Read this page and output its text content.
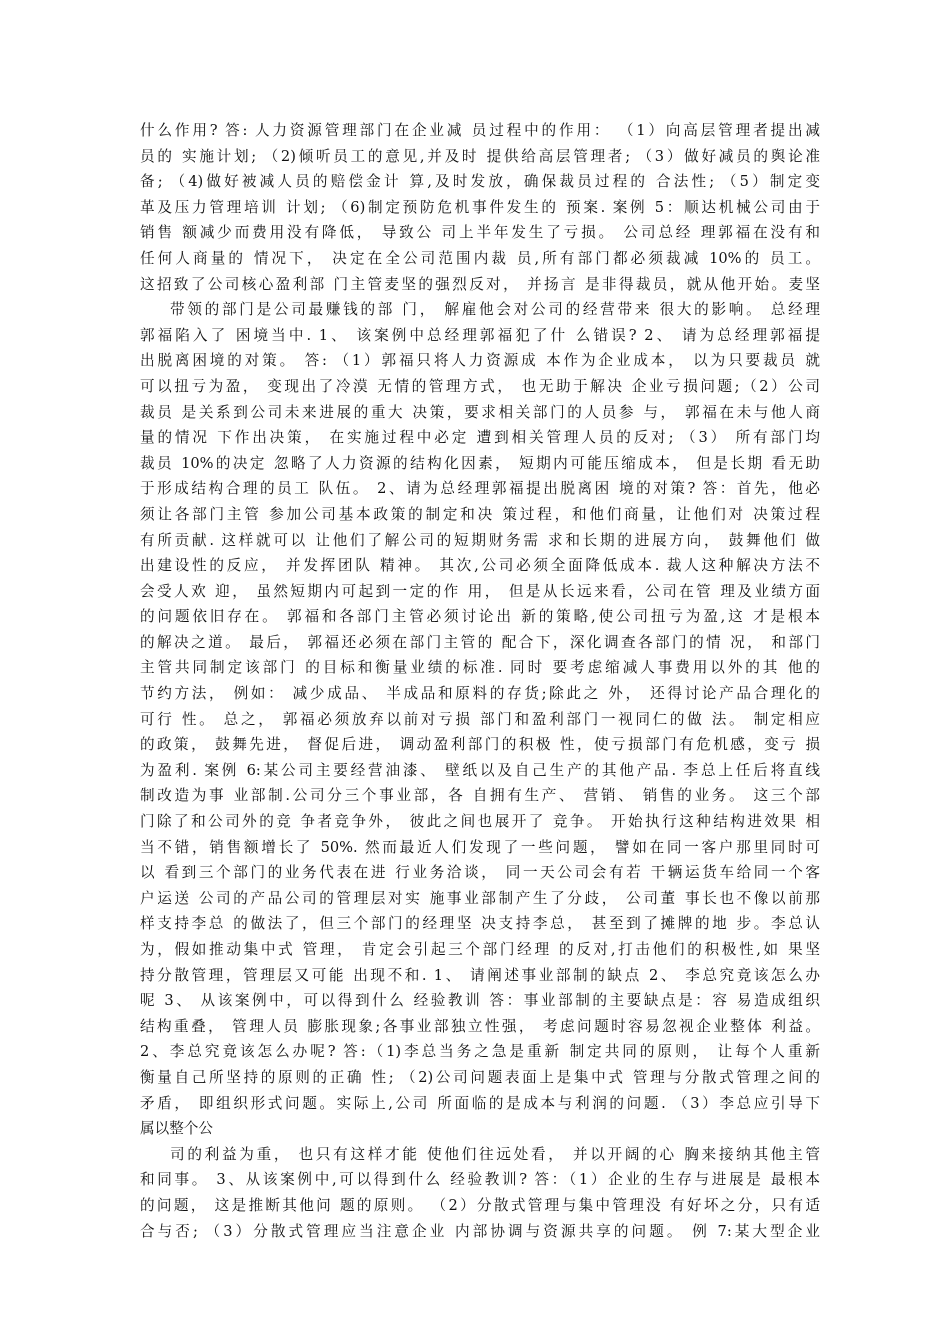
什么作用? 答: 人力资源管理部门在企业减 员过程中的作用： （1）向高层管理者提出减
员的 实施计划; （2)倾听员工的意见,并及时 提供给高层管理者; （3）做好减员的舆论准
备; （4)做好被减人员的赔偿金计 算,及时发放，确保裁员过程的 合法性; （5）制定变
革及压力管理培训 计划; （6)制定预防危机事件发生的 预案. 案例 5：顺达机械公司由于
销售 额减少而费用没有降低， 导致公 司上半年发生了亏损。 公司总经 理郭福在没有和
任何人商量的 情况下， 决定在全公司范围内裁 员,所有部门都必须裁减 10%的 员工。
这招致了公司核心盈利部 门主管麦坚的强烈反对， 并扬言 是非得裁员，就从他开始。麦坚
带领的部门是公司最赚钱的部 门， 解雇他会对公司的经营带来 很大的影响。 总经理
郭福陷入了 困境当中. 1、 该案例中总经理郭福犯了什 么错误? 2、 请为总经理郭福提
出脱离困境的对策。 答: （1）郭福只将人力资源成 本作为企业成本， 以为只要裁员 就
可以扭亏为盈， 变现出了冷漠 无情的管理方式， 也无助于解决 企业亏损问题;（2）公司
裁员 是关系到公司未来进展的重大 决策，要求相关部门的人员参 与， 郭福在未与他人商
量的情况 下作出决策， 在实施过程中必定 遭到相关管理人员的反对; （3） 所有部门均
裁员 10%的决定 忽略了人力资源的结构化因素， 短期内可能压缩成本， 但是长期 看无助
于形成结构合理的员工 队伍。 2、请为总经理郭福提出脱离困 境的对策? 答：首先，他必
须让各部门主管 参加公司基本政策的制定和决 策过程，和他们商量，让他们对 决策过程
有所贡献. 这样就可以 让他们了解公司的短期财务需 求和长期的进展方向， 鼓舞他们 做
出建设性的反应， 并发挥团队 精神。 其次,公司必须全面降低成本. 裁人这种解决方法不
会受人欢 迎， 虽然短期内可起到一定的作 用， 但是从长远来看，公司在管 理及业绩方面
的问题依旧存在。 郭福和各部门主管必须讨论出 新的策略,使公司扭亏为盈,这 才是根本
的解决之道。 最后， 郭福还必须在部门主管的 配合下，深化调查各部门的情 况， 和部门
主管共同制定该部门 的目标和衡量业绩的标准. 同时 要考虑缩减人事费用以外的其 他的
节约方法， 例如： 减少成品、 半成品和原料的存货;除此之 外， 还得讨论产品合理化的
可行 性。 总之， 郭福必须放弃以前对亏损 部门和盈利部门一视同仁的做 法。 制定相应
的政策， 鼓舞先进， 督促后进， 调动盈利部门的积极 性，使亏损部门有危机感，变亏 损
为盈利. 案例 6:某公司主要经营油漆、 壁纸以及自己生产的其他产品. 李总上任后将直线
制改造为事 业部制.公司分三个事业部，各 自拥有生产、 营销、 销售的业务。 这三个部
门除了和公司外的竞 争者竞争外， 彼此之间也展开了 竞争。 开始执行这种结构进效果 相
当不错，销售额增长了 50%. 然而最近人们发现了一些问题， 譬如在同一客户那里同时可
以 看到三个部门的业务代表在进 行业务洽谈， 同一天公司会有若 干辆运货车给同一个客
户运送 公司的产品公司的管理层对实 施事业部制产生了分歧， 公司董 事长也不像以前那
样支持李总 的做法了，但三个部门的经理坚 决支持李总， 甚至到了摊牌的地 步。李总认
为，假如推动集中式 管理， 肯定会引起三个部门经理 的反对,打击他们的积极性,如 果坚
持分散管理，管理层又可能 出现不和. 1、 请阐述事业部制的缺点 2、 李总究竟该怎么办
呢 3、 从该案例中，可以得到什么 经验教训 答：事业部制的主要缺点是：容 易造成组织
结构重叠， 管理人员 膨胀现象;各事业部独立性强， 考虑问题时容易忽视企业整体 利益。
2、李总究竟该怎么办呢? 答:（1)李总当务之急是重新 制定共同的原则， 让每个人重新
衡量自己所坚持的原则的正确 性; （2)公司问题表面上是集中式 管理与分散式管理之间的
矛盾， 即组织形式问题。实际上,公司 所面临的是成本与利润的问题. （3）李总应引导下
属以整个公
司的利益为重， 也只有这样才能 使他们往远处看， 并以开阔的心 胸来接纳其他主管
和同事。 3、从该案例中,可以得到什么 经验教训? 答：（1）企业的生存与进展是 最根本
的问题， 这是推断其他问 题的原则。 （2）分散式管理与集中管理没 有好坏之分，只有适
合与否; （3）分散式管理应当注意企业 内部协调与资源共享的问题。 例 7:某大型企业
